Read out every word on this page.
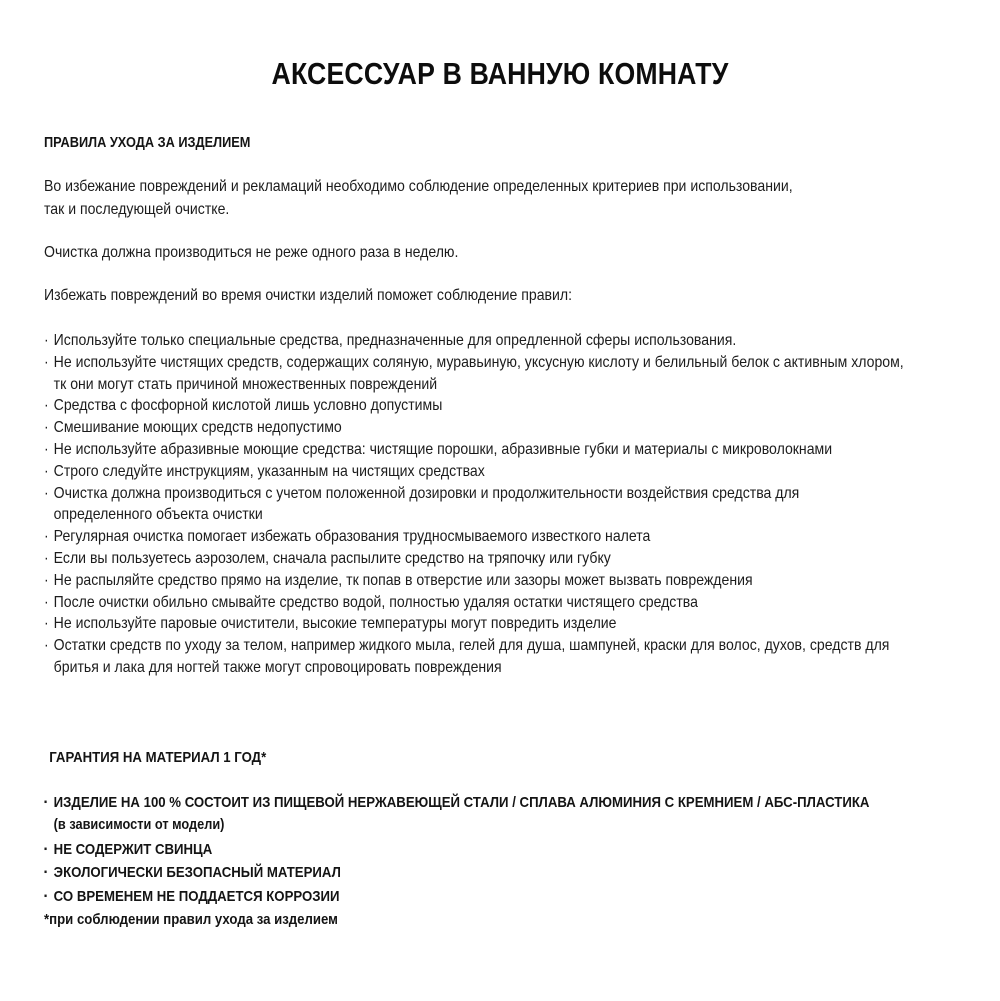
АКСЕССУАР В ВАННУЮ КОМНАТУ
ПРАВИЛА УХОДА ЗА ИЗДЕЛИЕМ
Во избежание повреждений и рекламаций необходимо соблюдение определенных критериев при использовании,
так и последующей очистке.
Очистка должна производиться не реже одного раза в неделю.
Избежать повреждений во время очистки изделий поможет соблюдение правил:
· Используйте только специальные средства, предназначенные для опредленной сферы использования.
· Не используйте чистящих средств, содержащих соляную, муравьиную, уксусную кислоту и белильный белок с активным хлором,
тк они могут стать причиной множественных повреждений
· Средства с фосфорной кислотой лишь условно допустимы
· Смешивание моющих средств недопустимо
· Не используйте абразивные моющие средства: чистящие порошки, абразивные губки и материалы с микроволокнами
· Строго следуйте инструкциям, указанным на чистящих средствах
· Очистка должна производиться с учетом положенной дозировки и продолжительности воздействия средства для
определенного объекта очистки
· Регулярная очистка помогает избежать образования трудносмываемого известкого налета
· Если вы пользуетесь аэрозолем, сначала распылите средство на тряпочку или губку
· Не распыляйте средство прямо на изделие, тк попав в отверстие или зазоры может вызвать повреждения
· После очистки обильно смывайте средство водой, полностью удаляя остатки чистящего средства
· Не используйте паровые очистители, высокие температуры могут повредить изделие
· Остатки средств по уходу за телом, например жидкого мыла, гелей для душа, шампуней, краски для волос, духов, средств для
бритья и лака для ногтей также могут спровоцировать повреждения
ГАРАНТИЯ НА МАТЕРИАЛ 1 ГОД*
▪ ИЗДЕЛИЕ НА 100 % СОСТОИТ ИЗ ПИЩЕВОЙ НЕРЖАВЕЮЩЕЙ СТАЛИ / СПЛАВА АЛЮМИНИЯ С КРЕМНИЕМ / АБС-ПЛАСТИКА
(в зависимости от модели)
▪ НЕ СОДЕРЖИТ СВИНЦА
▪ ЭКОЛОГИЧЕСКИ БЕЗОПАСНЫЙ МАТЕРИАЛ
▪ СО ВРЕМЕНЕМ НЕ ПОДДАЕТСЯ КОРРОЗИИ
*при соблюдении правил ухода за изделием
